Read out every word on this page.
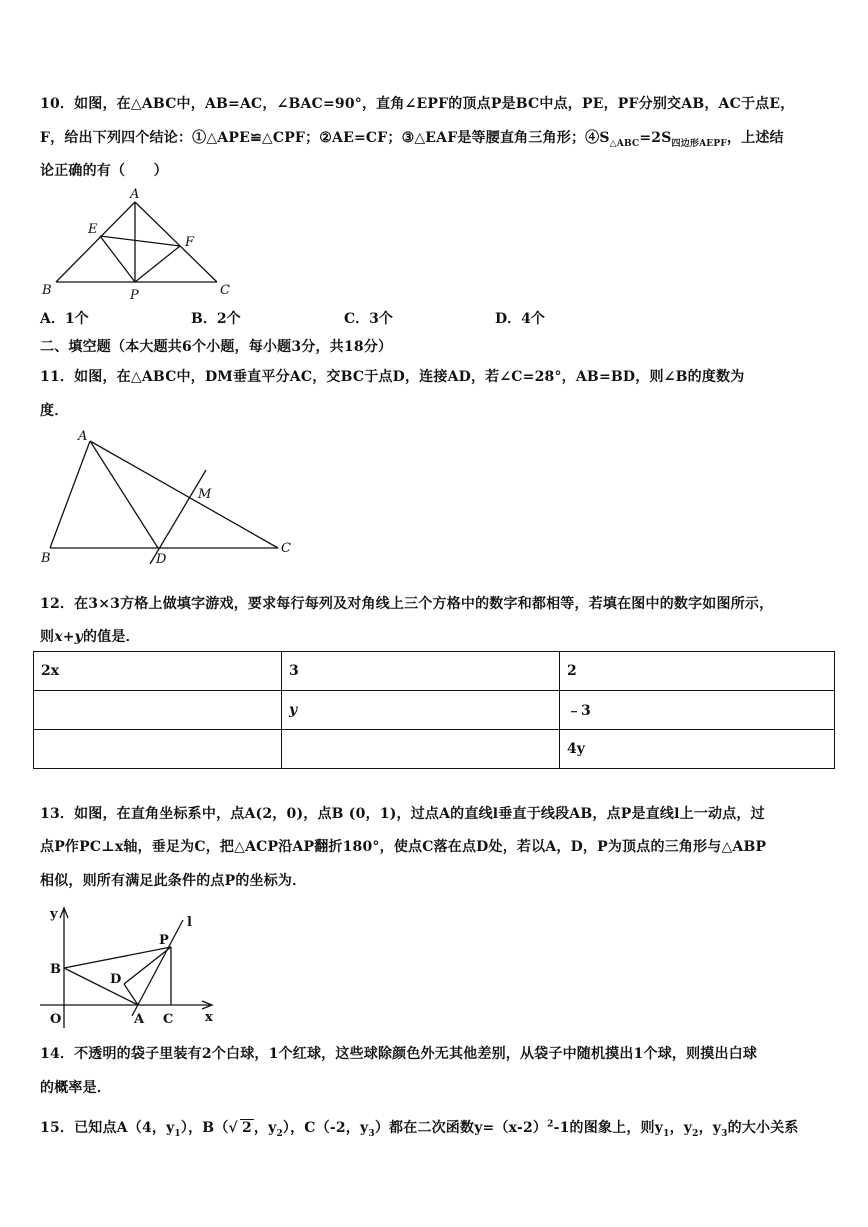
10．如图，在△ABC中，AB=AC，∠BAC=90°，直角∠EPF的顶点P是BC中点，PE，PF分别交AB，AC于点E，
F，给出下列四个结论：①△APE≌△CPF；②AE=CF；③△EAF是等腰直角三角形；$④S_{\triangle ABC}=2S_{四边形AEPF}$，上述结
论正确的有（　　）
A
B	C
E
F
P
A．1个	B．2个	C．3个	D．4个
二、填空题（本大题共6个小题，每小题3分，共18分）
11．如图，在△ABC中，DM垂直平分AC，交BC于点D，连接AD，若∠C=28°，AB=BD，则∠B的度数为
度．
A
B
C
D
M
12．在3×3方格上做填字游戏，要求每行每列及对角线上三个方格中的数字和都相等，若填在图中的数字如图所示，
则x+y的值是．
2x	3	2
	y	﹣3
		4y
13．如图，在直角坐标系中，点A(2，0)，点B (0，1)，过点A的直线l垂直于线段AB，点P是直线l上一动点，过
点P作PC⊥x轴，垂足为C，把△ACP沿AP翻折180°，使点C落在点D处，若以A，D，P为顶点的三角形与△ABP
相似，则所有满足此条件的点P的坐标为．
y
x
O	A
B
C
D
P
l
14．不透明的袋子里装有2个白球，1个红球，这些球除颜色外无其他差别，从袋子中随机摸出1个球，则摸出白球
的概率是．
15．已知点A（4，$y_1$），B（√ 2 ，$y_2$），C（-2，$y_3$）都在二次函数$y=(x-2)^2-1$的图象上，则$y_1$，$y_2$，$y_3$的大小关系
